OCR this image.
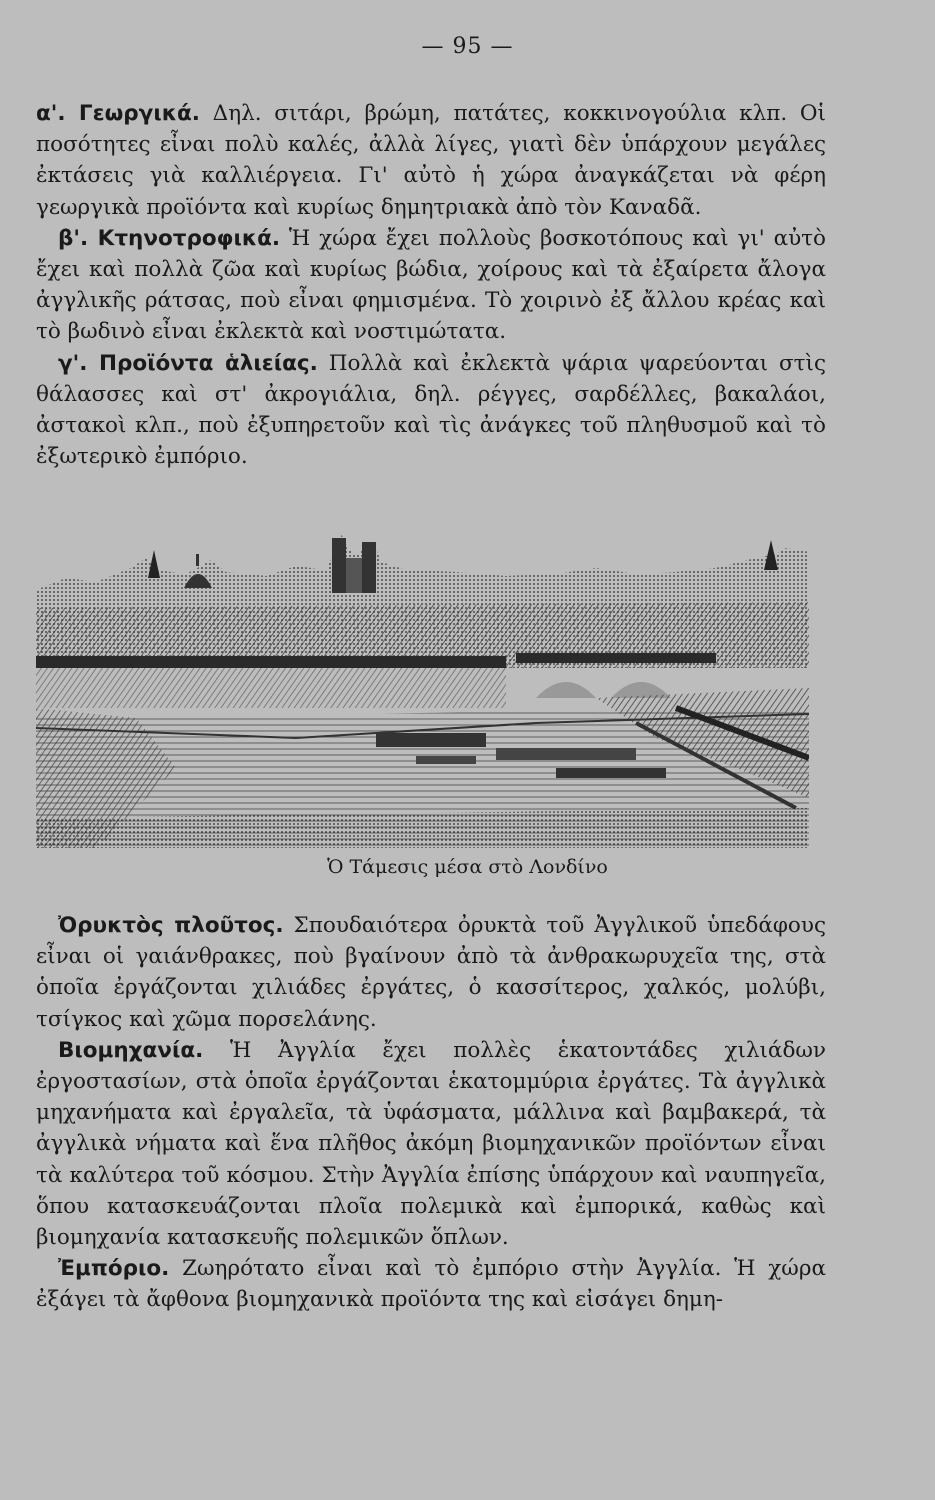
— 95 —

α'. Γεωργικά. Δηλ. σιτάρι, βρώμη, πατάτες, κοκκινογούλια κλπ. Οἱ ποσότητες εἶναι πολὺ καλές, ἀλλὰ λίγες, γιατὶ δὲν ὑπάρχουν μεγάλες ἐκτάσεις γιὰ καλλιέργεια. Γι' αὐτὸ ἡ χώρα ἀναγκάζεται νὰ φέρη γεωργικὰ προϊόντα καὶ κυρίως δημητριακὰ ἀπὸ τὸν Καναδᾶ.

β'. Κτηνοτροφικά. Ἡ χώρα ἔχει πολλοὺς βοσκοτόπους καὶ γι' αὐτὸ ἔχει καὶ πολλὰ ζῶα καὶ κυρίως βώδια, χοίρους καὶ τὰ ἐξαίρετα ἄλογα ἀγγλικῆς ράτσας, ποὺ εἶναι φημισμένα. Τὸ χοιρινὸ ἐξ ἄλλου κρέας καὶ τὸ βωδινὸ εἶναι ἐκλεκτὰ καὶ νοστιμώτατα.

γ'. Προϊόντα ἁλιείας. Πολλὰ καὶ ἐκλεκτὰ ψάρια ψαρεύονται στὶς θάλασσες καὶ στ' ἀκρογιάλια, δηλ. ρέγγες, σαρδέλλες, βακαλάοι, ἀστακοὶ κλπ., ποὺ ἐξυπηρετοῦν καὶ τὶς ἀνάγκες τοῦ πληθυσμοῦ καὶ τὸ ἐξωτερικὸ ἐμπόριο.

Ὁ Τάμεσις μέσα στὸ Λονδίνο

Ὀρυκτὸς πλοῦτος. Σπουδαιότερα ὀρυκτὰ τοῦ Ἀγγλικοῦ ὑπεδάφους εἶναι οἱ γαιάνθρακες, ποὺ βγαίνουν ἀπὸ τὰ ἀνθρακωρυχεῖα της, στὰ ὁποῖα ἐργάζονται χιλιάδες ἐργάτες, ὁ κασσίτερος, χαλκός, μολύβι, τσίγκος καὶ χῶμα πορσελάνης.

Βιομηχανία. Ἡ Ἀγγλία ἔχει πολλὲς ἑκατοντάδες χιλιάδων ἐργοστασίων, στὰ ὁποῖα ἐργάζονται ἑκατομμύρια ἐργάτες. Τὰ ἀγγλικὰ μηχανήματα καὶ ἐργαλεῖα, τὰ ὑφάσματα, μάλλινα καὶ βαμβακερά, τὰ ἀγγλικὰ νήματα καὶ ἕνα πλῆθος ἀκόμη βιομηχανικῶν προϊόντων εἶναι τὰ καλύτερα τοῦ κόσμου. Στὴν Ἀγγλία ἐπίσης ὑπάρχουν καὶ ναυπηγεῖα, ὅπου κατασκευάζονται πλοῖα πολεμικὰ καὶ ἐμπορικά, καθὼς καὶ βιομηχανία κατασκευῆς πολεμικῶν ὅπλων.

Ἐμπόριο. Ζωηρότατο εἶναι καὶ τὸ ἐμπόριο στὴν Ἀγγλία. Ἡ χώρα ἐξάγει τὰ ἄφθονα βιομηχανικὰ προϊόντα της καὶ εἰσάγει δημη-
